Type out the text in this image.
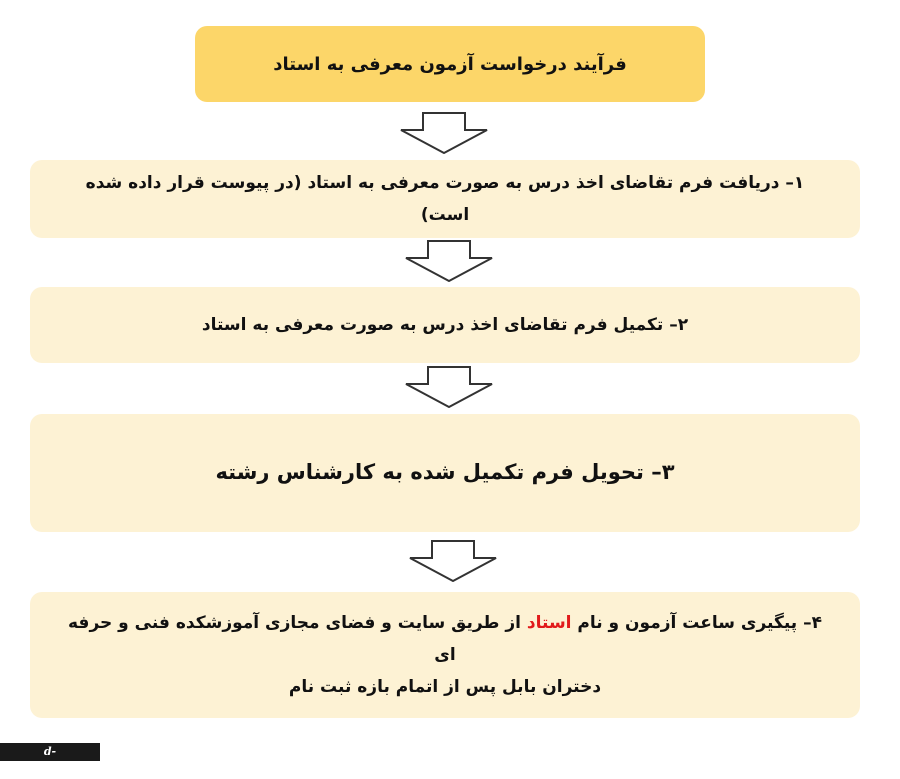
فرآیند درخواست آزمون معرفی به استاد
۱– دریافت فرم تقاضای اخذ درس به صورت معرفی به استاد (در پیوست قرار داده شده است)
۲– تکمیل فرم تقاضای اخذ درس به صورت معرفی به استاد
۳– تحویل فرم تکمیل شده به کارشناس رشته
۴– پیگیری ساعت آزمون و نام استاد از طریق سایت و فضای مجازی آموزشکده فنی و حرفه ای
دختران بابل پس از اتمام بازه ثبت نام
d-babol.nus.ac.ir
